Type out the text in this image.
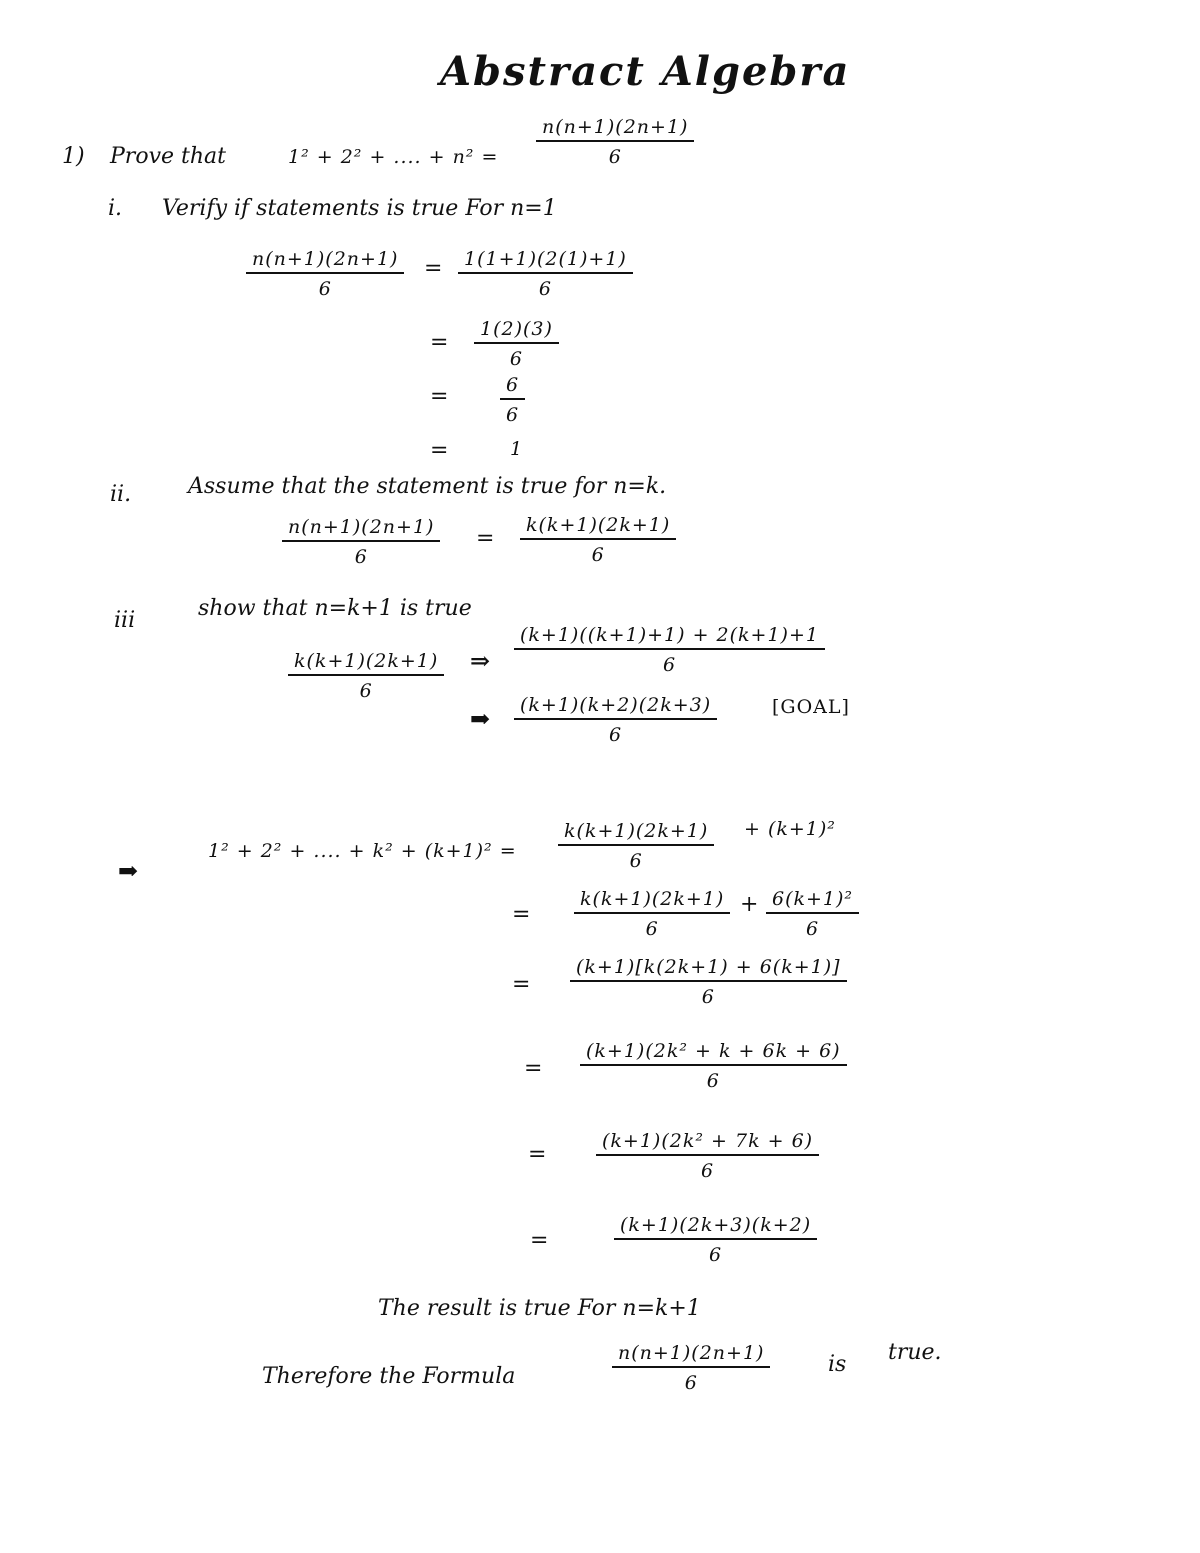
Abstract Algebra
1) Prove that	1² + 2² + .... + $n^2 = \frac{n(n+1)(2n+1)}{6}$
i. Verify if statements is true For n=1
$\frac{n(n+1)(2n+1)}{6} = \frac{1(1+1)(2(1)+1)}{6}$
= $\frac{1(2)(3)}{6}$
=	$\frac{6}{6}$
=	1
ii.	Assume that the statement is true for n=k.
$\frac{n(n+1)(2n+1)}{6} = \frac{k(k+1)(2k+1)}{6}$
iii	show that n=k+1 is true
$\frac{k(k+1)(2k+1)}{6}$ ⇒ $\frac{(k+1)((k+1)+1) + 2(k+1)+1}{6}$
➡ $\frac{(k+1)(k+2)(2k+3)}{6}$	[GOAL]
➡
1² + 2² + .... + $k^2 + (k+1)^2 = \frac{k(k+1)(2k+1)}{6} + (k+1)^2$
= $\frac{k(k+1)(2k+1)}{6} + \frac{\text{6(k+1)²}}{6}$
= $\frac{(k+1)[k(2k+1) + 6(k+1)]}{6}$
= $\frac{\text{(k+1)(2k² + k + 6k + 6)}}{6}$
=	$\frac{\text{(k+1)(2k² + 7k + 6)}}{6}$
=	$\frac{(k+1)(2k+3)(k+2)}{6}$
The result is true For n=k+1
Therefore the Formula	$\frac{n(n+1)(2n+1)}{6}$	is true.
